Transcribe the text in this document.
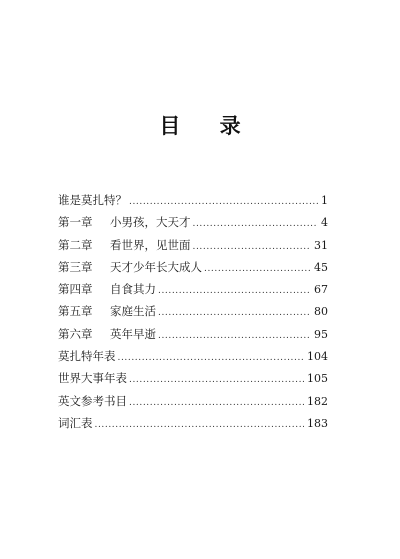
目 录
谁是莫扎特？ .....	1
第一章	小男孩，大天才 .....	4
第二章	看世界，见世面 .....	31
第三章	天才少年长大成人 .....	45
第四章	自食其力 .....	67
第五章	家庭生活 .....	80
第六章	英年早逝 .....	95
莫扎特年表 .....	104
世界大事年表 .....	105
英文参考书目 .....	182
词汇表 .....	183
